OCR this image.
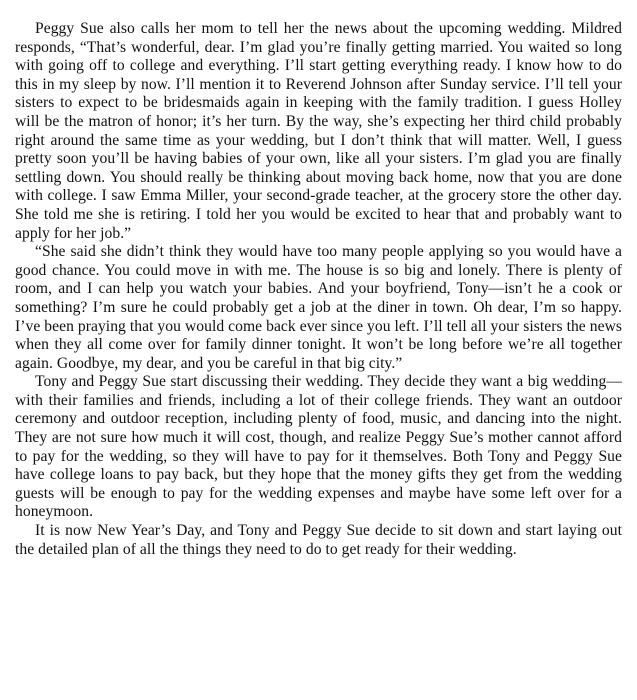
Peggy Sue also calls her mom to tell her the news about the upcoming wedding. Mildred responds, “That’s wonderful, dear. I’m glad you’re finally getting married. You waited so long with going off to college and everything. I’ll start getting everything ready. I know how to do this in my sleep by now. I’ll mention it to Reverend Johnson after Sunday service. I’ll tell your sisters to expect to be bridesmaids again in keeping with the family tradition. I guess Holley will be the matron of honor; it’s her turn. By the way, she’s expecting her third child probably right around the same time as your wedding, but I don’t think that will matter. Well, I guess pretty soon you’ll be having babies of your own, like all your sisters. I’m glad you are finally settling down. You should really be thinking about moving back home, now that you are done with college. I saw Emma Miller, your second-grade teacher, at the grocery store the other day. She told me she is retiring. I told her you would be excited to hear that and probably want to apply for her job.”

“She said she didn’t think they would have too many people applying so you would have a good chance. You could move in with me. The house is so big and lonely. There is plenty of room, and I can help you watch your babies. And your boyfriend, Tony—isn’t he a cook or something? I’m sure he could probably get a job at the diner in town. Oh dear, I’m so happy. I’ve been praying that you would come back ever since you left. I’ll tell all your sisters the news when they all come over for family dinner tonight. It won’t be long before we’re all together again. Goodbye, my dear, and you be careful in that big city.”

Tony and Peggy Sue start discussing their wedding. They decide they want a big wedding—with their families and friends, including a lot of their college friends. They want an outdoor ceremony and outdoor reception, including plenty of food, music, and dancing into the night. They are not sure how much it will cost, though, and realize Peggy Sue’s mother cannot afford to pay for the wedding, so they will have to pay for it themselves. Both Tony and Peggy Sue have college loans to pay back, but they hope that the money gifts they get from the wedding guests will be enough to pay for the wedding expenses and maybe have some left over for a honeymoon.

It is now New Year’s Day, and Tony and Peggy Sue decide to sit down and start laying out the detailed plan of all the things they need to do to get ready for their wedding.
